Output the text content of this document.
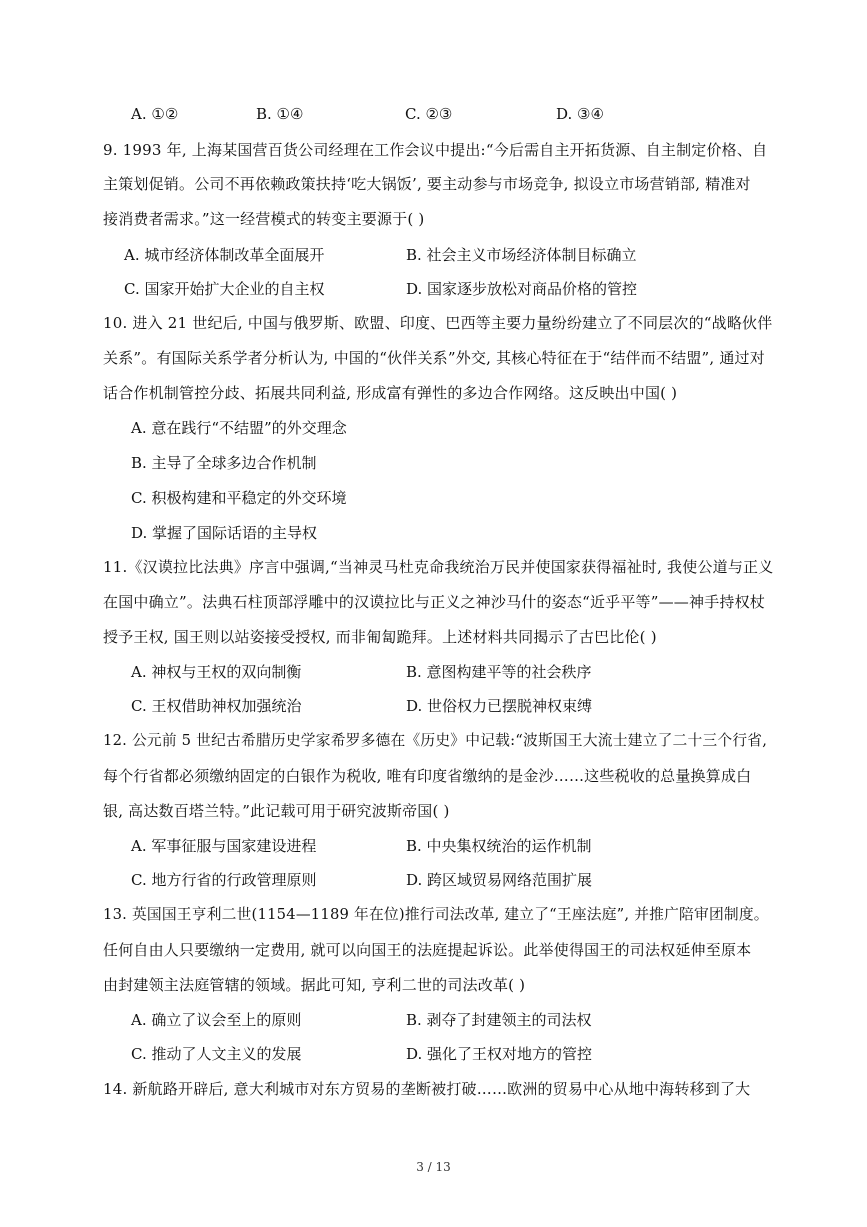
A. ①②	B. ①④	C. ②③	D. ③④
9. 1993 年, 上海某国营百货公司经理在工作会议中提出:“今后需自主开拓货源、自主制定价格、自
主策划促销。公司不再依赖政策扶持‘吃大锅饭’, 要主动参与市场竞争, 拟设立市场营销部, 精准对
接消费者需求。”这一经营模式的转变主要源于( )
A. 城市经济体制改革全面展开	B. 社会主义市场经济体制目标确立
C. 国家开始扩大企业的自主权	D. 国家逐步放松对商品价格的管控
10. 进入 21 世纪后, 中国与俄罗斯、欧盟、印度、巴西等主要力量纷纷建立了不同层次的“战略伙伴
关系”。有国际关系学者分析认为, 中国的“伙伴关系”外交, 其核心特征在于“结伴而不结盟”, 通过对
话合作机制管控分歧、拓展共同利益, 形成富有弹性的多边合作网络。这反映出中国( )
A. 意在践行“不结盟”的外交理念
B. 主导了全球多边合作机制
C. 积极构建和平稳定的外交环境
D. 掌握了国际话语的主导权
11.《汉谟拉比法典》序言中强调,“当神灵马杜克命我统治万民并使国家获得福祉时, 我使公道与正义
在国中确立”。法典石柱顶部浮雕中的汉谟拉比与正义之神沙马什的姿态“近乎平等”——神手持权杖
授予王权, 国王则以站姿接受授权, 而非匍匐跪拜。上述材料共同揭示了古巴比伦( )
A. 神权与王权的双向制衡	B. 意图构建平等的社会秩序
C. 王权借助神权加强统治	D. 世俗权力已摆脱神权束缚
12. 公元前 5 世纪古希腊历史学家希罗多德在《历史》中记载:“波斯国王大流士建立了二十三个行省,
每个行省都必须缴纳固定的白银作为税收, 唯有印度省缴纳的是金沙……这些税收的总量换算成白
银, 高达数百塔兰特。”此记载可用于研究波斯帝国( )
A. 军事征服与国家建设进程	B. 中央集权统治的运作机制
C. 地方行省的行政管理原则	D. 跨区域贸易网络范围扩展
13. 英国国王亨利二世(1154—1189 年在位)推行司法改革, 建立了“王座法庭”, 并推广陪审团制度。
任何自由人只要缴纳一定费用, 就可以向国王的法庭提起诉讼。此举使得国王的司法权延伸至原本
由封建领主法庭管辖的领域。据此可知, 亨利二世的司法改革( )
A. 确立了议会至上的原则	B. 剥夺了封建领主的司法权
C. 推动了人文主义的发展	D. 强化了王权对地方的管控
14. 新航路开辟后, 意大利城市对东方贸易的垄断被打破……欧洲的贸易中心从地中海转移到了大
3 / 13
